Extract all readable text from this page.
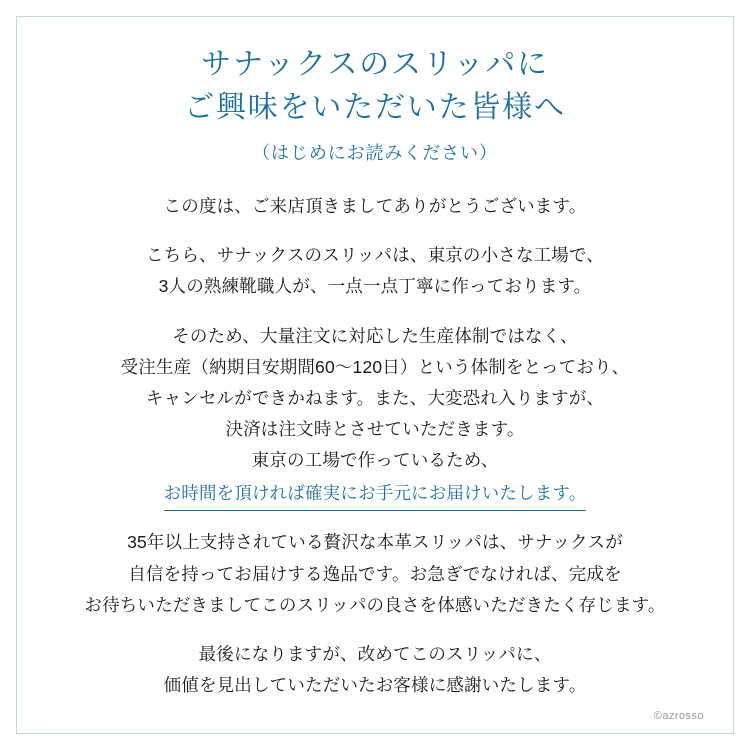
サナックスのスリッパに
ご興味をいただいた皆様へ

（はじめにお読みください）

この度は、ご来店頂きましてありがとうございます。

こちら、サナックスのスリッパは、東京の小さな工場で、
3人の熟練靴職人が、一点一点丁寧に作っております。

そのため、大量注文に対応した生産体制ではなく、
受注生産（納期目安期間60〜120日）という体制をとっており、
キャンセルができかねます。また、大変恐れ入りますが、
決済は注文時とさせていただきます。
東京の工場で作っているため、
お時間を頂ければ確実にお手元にお届けいたします。

35年以上支持されている贅沢な本革スリッパは、サナックスが
自信を持ってお届けする逸品です。お急ぎでなければ、完成を
お待ちいただきましてこのスリッパの良さを体感いただきたく存じます。

最後になりますが、改めてこのスリッパに、
価値を見出していただいたお客様に感謝いたします。

©azrosso
